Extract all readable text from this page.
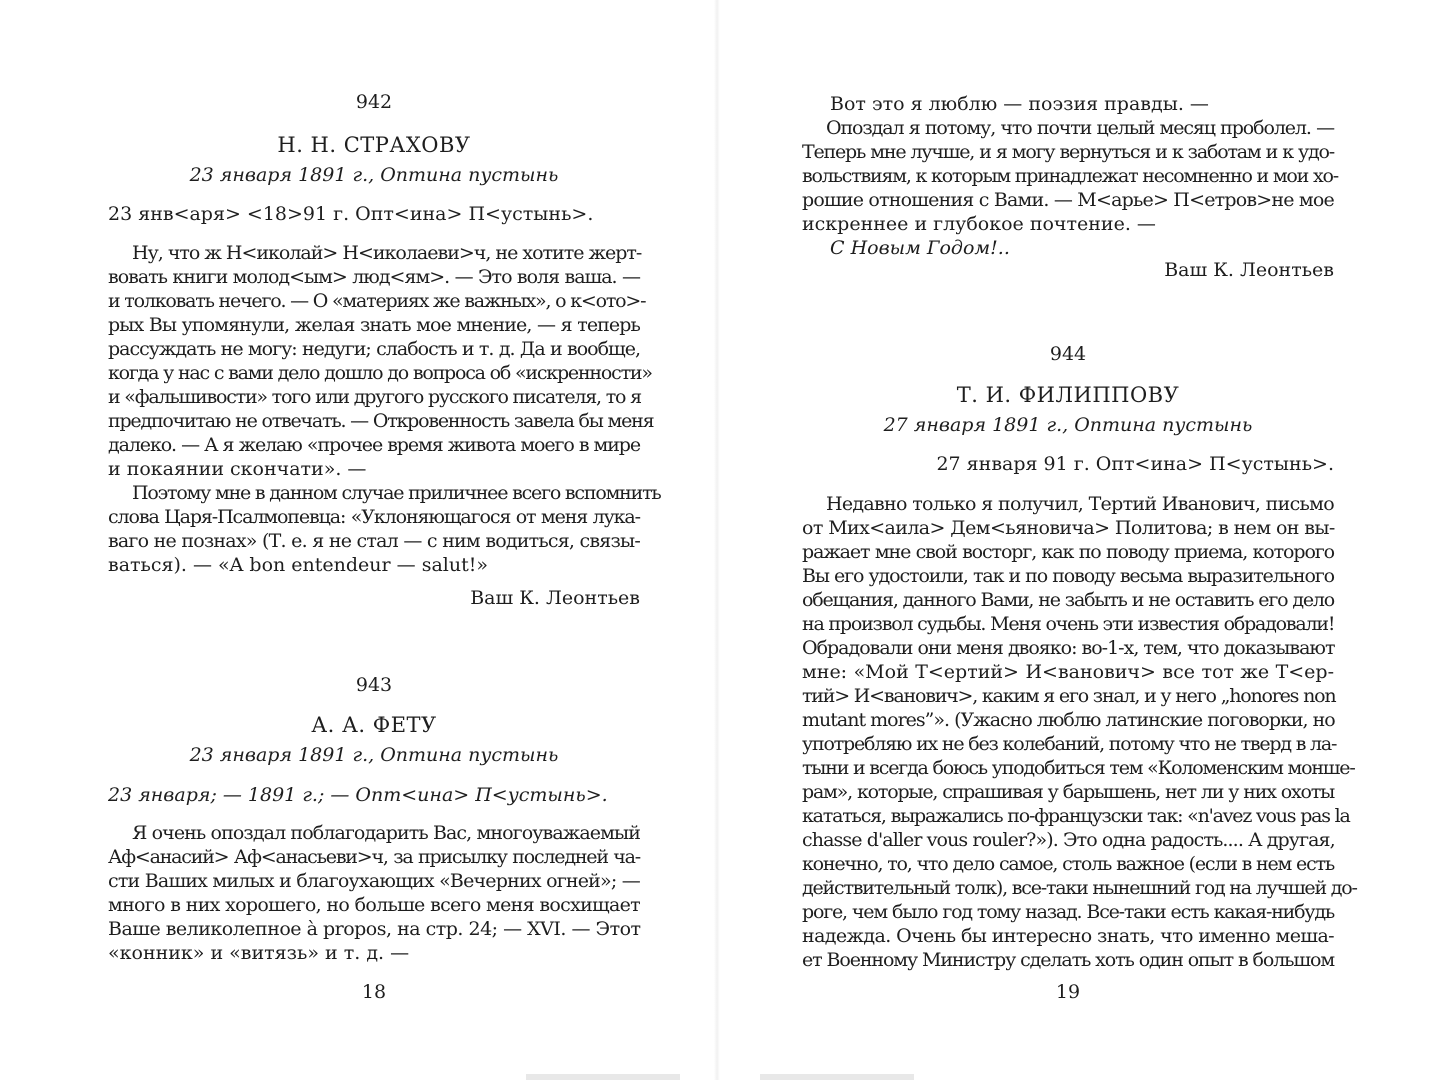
942
Н. Н. СТРАХОВУ
23 января 1891 г., Оптина пустынь
23 янв<аря> <18>91 г. Опт<ина> П<устынь>.
Ну, что ж Н<иколай> Н<иколаеви>ч, не хотите жерт-
вовать книги молод<ым> люд<ям>. — Это воля ваша. —
и толковать нечего. — О «материях же важных», о к<ото>-
рых Вы упомянули, желая знать мое мнение, — я теперь
рассуждать не могу: недуги; слабость и т. д. Да и вообще,
когда у нас с вами дело дошло до вопроса об «искренности»
и «фальшивости» того или другого русского писателя, то я
предпочитаю не отвечать. — Откровенность завела бы меня
далеко. — А я желаю «прочее время живота моего в мире
и покаянии скончати». —
Поэтому мне в данном случае приличнее всего вспомнить
слова Царя-Псалмопевца: «Уклоняющагося от меня лука-
ваго не познах» (Т. е. я не стал — с ним водиться, связы-
ваться). — «A bon entendeur — salut!»
Ваш К. Леонтьев
943
А. А. ФЕТУ
23 января 1891 г., Оптина пустынь
23 января; — 1891 г.; — Опт<ина> П<устынь>.
Я очень опоздал поблагодарить Вас, многоуважаемый
Аф<анасий> Аф<анасьеви>ч, за присылку последней ча-
сти Ваших милых и благоухающих «Вечерних огней»; —
много в них хорошего, но больше всего меня восхищает
Ваше великолепное à propos, на стр. 24; — XVI. — Этот
«конник» и «витязь» и т. д. —
18
Вот это я люблю — поэзия правды. —
Опоздал я потому, что почти целый месяц проболел. —
Теперь мне лучше, и я могу вернуться и к заботам и к удо-
вольствиям, к которым принадлежат несомненно и мои хо-
рошие отношения с Вами. — М<арье> П<етров>не мое
искреннее и глубокое почтение. —
С Новым Годом!..
Ваш К. Леонтьев
944
Т. И. ФИЛИППОВУ
27 января 1891 г., Оптина пустынь
27 января 91 г. Опт<ина> П<устынь>.
Недавно только я получил, Тертий Иванович, письмо
от Мих<аила> Дем<ьяновича> Политова; в нем он вы-
ражает мне свой восторг, как по поводу приема, которого
Вы его удостоили, так и по поводу весьма выразительного
обещания, данного Вами, не забыть и не оставить его дело
на произвол судьбы. Меня очень эти известия обрадовали!
Обрадовали они меня двояко: во-1-х, тем, что доказывают
мне: «Мой Т<ертий> И<ванович> все тот же Т<ер-
тий> И<ванович>, каким я его знал, и у него „honores non
mutant mores”». (Ужасно люблю латинские поговорки, но
употребляю их не без колебаний, потому что не тверд в ла-
тыни и всегда боюсь уподобиться тем «Коломенским монше-
рам», которые, спрашивая у барышень, нет ли у них охоты
кататься, выражались по-французски так: «n'avez vous pas la
chasse d'aller vous rouler?»). Это одна радость.... А другая,
конечно, то, что дело самое, столь важное (если в нем есть
действительный толк), все-таки нынешний год на лучшей до-
роге, чем было год тому назад. Все-таки есть какая-нибудь
надежда. Очень бы интересно знать, что именно меша-
ет Военному Министру сделать хоть один опыт в большом
19
